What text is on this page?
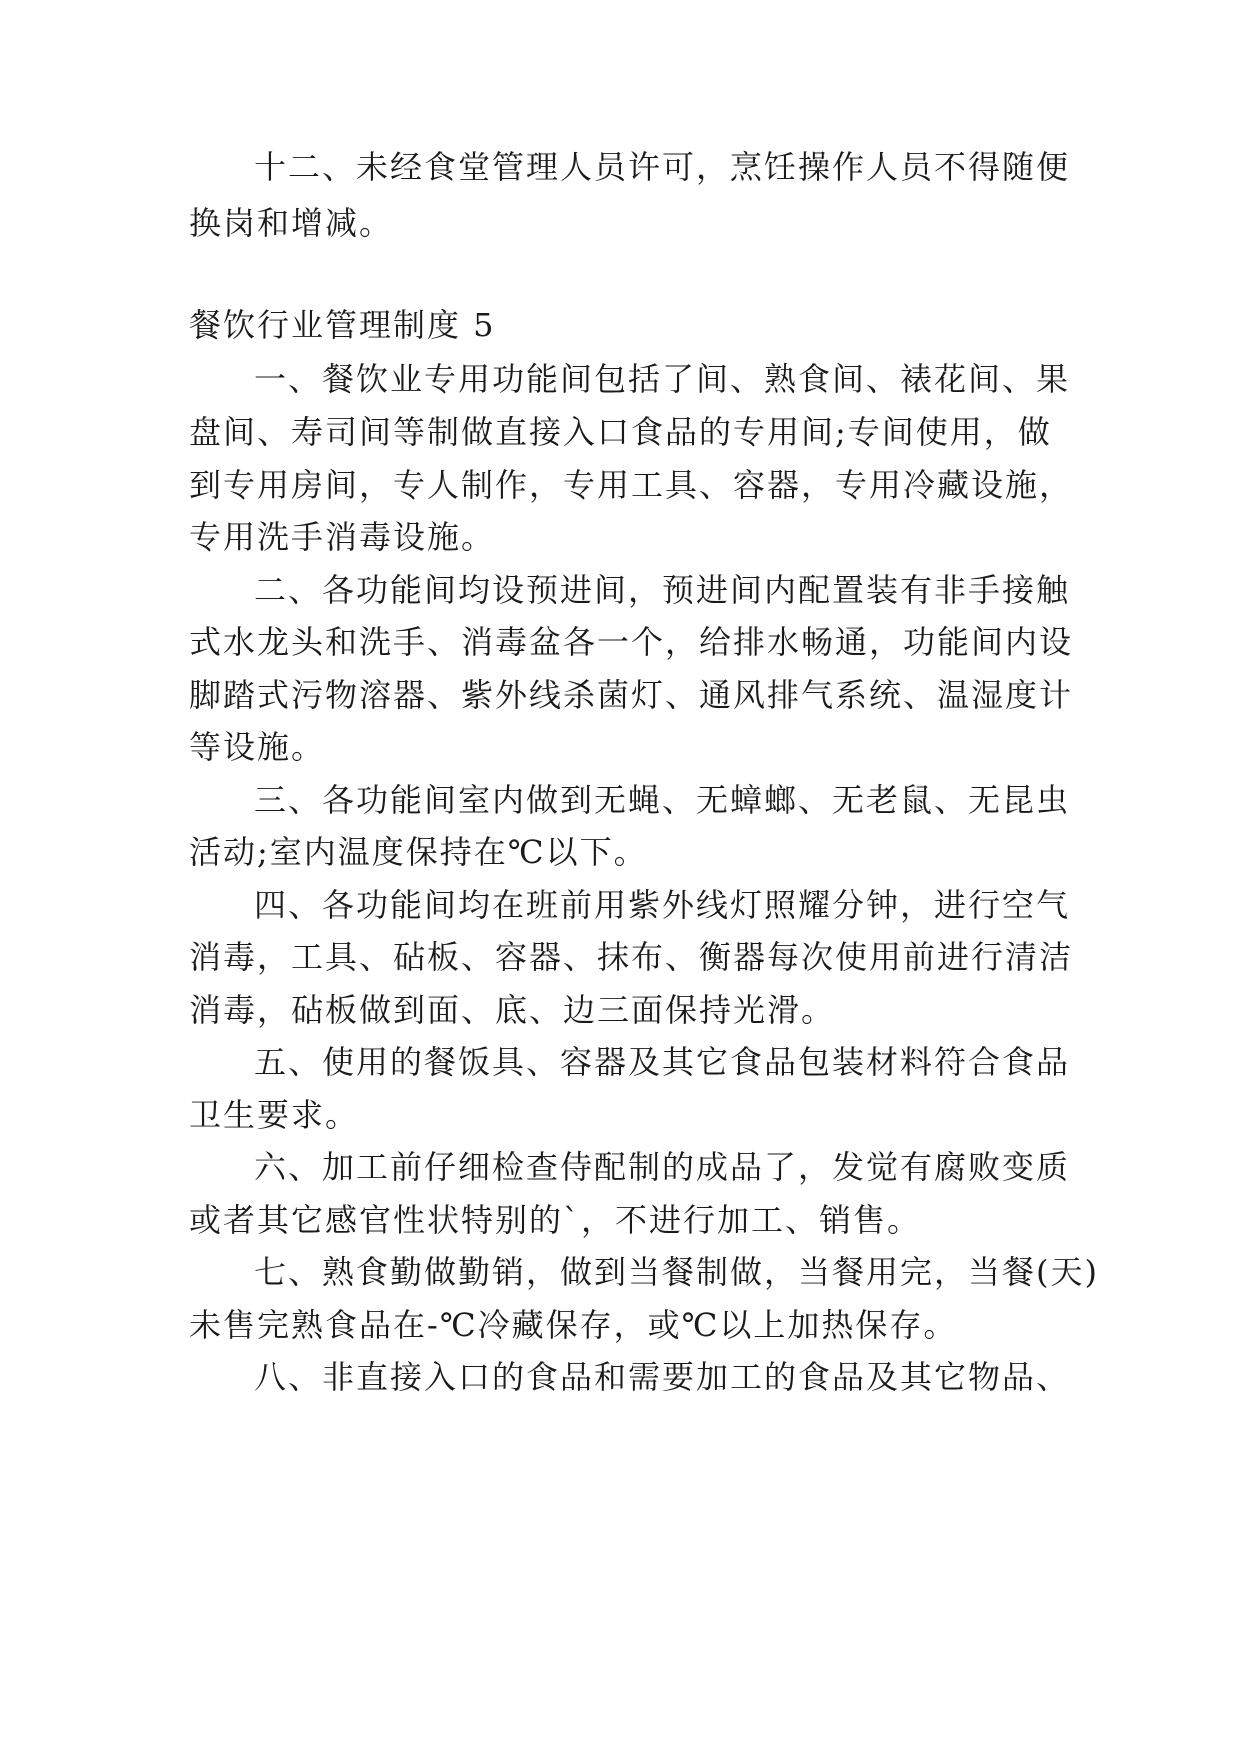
十二、未经食堂管理人员许可，烹饪操作人员不得随便

换岗和增减。

餐饮行业管理制度 5

一、餐饮业专用功能间包括了间、熟食间、裱花间、果

盘间、寿司间等制做直接入口食品的专用间;专间使用，做

到专用房间，专人制作，专用工具、容器，专用冷藏设施，

专用洗手消毒设施。

二、各功能间均设预进间，预进间内配置装有非手接触

式水龙头和洗手、消毒盆各一个，给排水畅通，功能间内设

脚踏式污物溶器、紫外线杀菌灯、通风排气系统、温湿度计

等设施。

三、各功能间室内做到无蝇、无蟑螂、无老鼠、无昆虫

活动;室内温度保持在℃以下。

四、各功能间均在班前用紫外线灯照耀分钟，进行空气

消毒，工具、砧板、容器、抹布、衡器每次使用前进行清洁

消毒，砧板做到面、底、边三面保持光滑。

五、使用的餐饭具、容器及其它食品包装材料符合食品

卫生要求。

六、加工前仔细检查侍配制的成品了，发觉有腐败变质

或者其它感官性状特别的`，不进行加工、销售。

七、熟食勤做勤销，做到当餐制做，当餐用完，当餐(天)

未售完熟食品在-℃冷藏保存，或℃以上加热保存。

八、非直接入口的食品和需要加工的食品及其它物品、
